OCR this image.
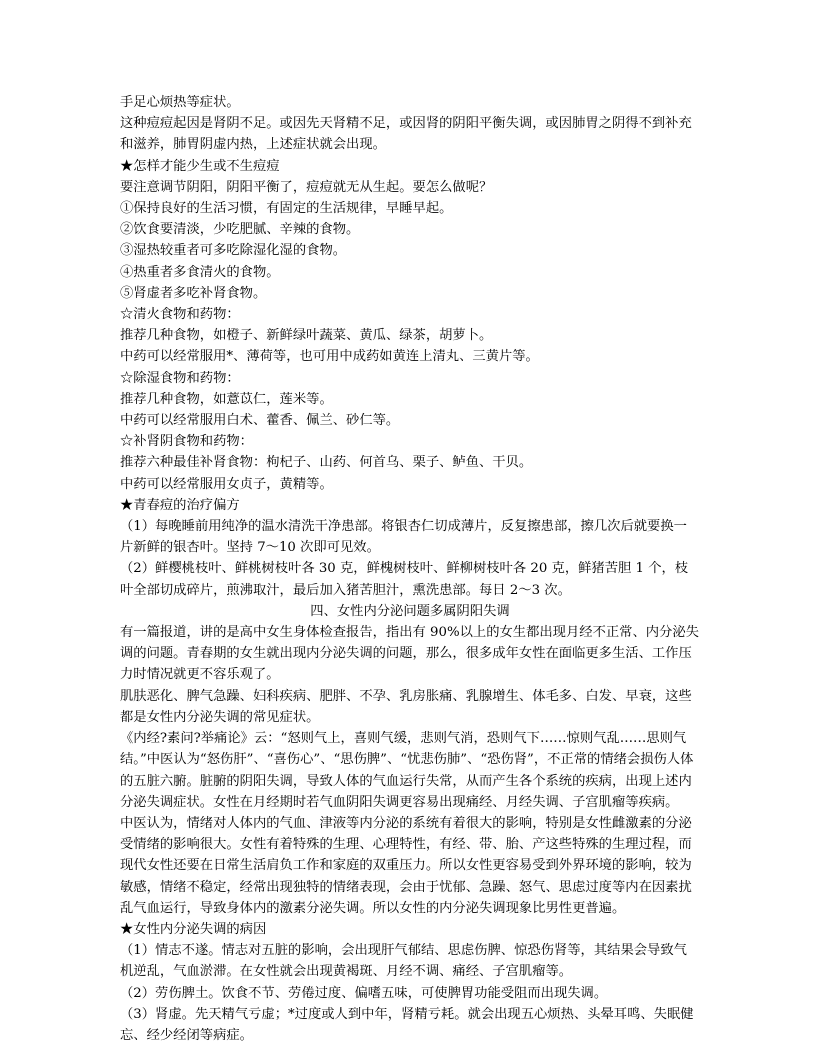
手足心烦热等症状。

这种痘痘起因是肾阴不足。或因先天肾精不足，或因肾的阴阳平衡失调，或因肺胃之阴得不到补充和滋养，肺胃阴虚内热，上述症状就会出现。

★怎样才能少生或不生痘痘

要注意调节阴阳，阴阳平衡了，痘痘就无从生起。要怎么做呢？

①保持良好的生活习惯，有固定的生活规律，早睡早起。

②饮食要清淡，少吃肥腻、辛辣的食物。

③湿热较重者可多吃除湿化湿的食物。

④热重者多食清火的食物。

⑤肾虚者多吃补肾食物。

☆清火食物和药物：

推荐几种食物，如橙子、新鲜绿叶蔬菜、黄瓜、绿茶，胡萝卜。

中药可以经常服用*、薄荷等，也可用中成药如黄连上清丸、三黄片等。

☆除湿食物和药物：

推荐几种食物，如薏苡仁，莲米等。

中药可以经常服用白术、藿香、佩兰、砂仁等。

☆补肾阴食物和药物：

推荐六种最佳补肾食物：枸杞子、山药、何首乌、栗子、鲈鱼、干贝。

中药可以经常服用女贞子，黄精等。

★青春痘的治疗偏方

（1）每晚睡前用纯净的温水清洗干净患部。将银杏仁切成薄片，反复擦患部，擦几次后就要换一片新鲜的银杏叶。坚持 7～10 次即可见效。

（2）鲜樱桃枝叶、鲜桃树枝叶各 30 克，鲜槐树枝叶、鲜柳树枝叶各 20 克，鲜猪苦胆 1 个，枝叶全部切成碎片，煎沸取汁，最后加入猪苦胆汁，熏洗患部。每日 2～3 次。

四、女性内分泌问题多属阴阳失调

有一篇报道，讲的是高中女生身体检查报告，指出有 90%以上的女生都出现月经不正常、内分泌失调的问题。青春期的女生就出现内分泌失调的问题，那么，很多成年女性在面临更多生活、工作压力时情况就更不容乐观了。

肌肤恶化、脾气急躁、妇科疾病、肥胖、不孕、乳房胀痛、乳腺增生、体毛多、白发、早衰，这些都是女性内分泌失调的常见症状。

《内经?素问?举痛论》云：“怒则气上，喜则气缓，悲则气消，恐则气下……惊则气乱……思则气结。”中医认为“怒伤肝”、“喜伤心”、“思伤脾”、“忧悲伤肺”、“恐伤肾”，不正常的情绪会损伤人体的五脏六腑。脏腑的阴阳失调，导致人体的气血运行失常，从而产生各个系统的疾病，出现上述内分泌失调症状。女性在月经期时若气血阴阳失调更容易出现痛经、月经失调、子宫肌瘤等疾病。

中医认为，情绪对人体内的气血、津液等内分泌的系统有着很大的影响，特别是女性雌激素的分泌受情绪的影响很大。女性有着特殊的生理、心理特性，有经、带、胎、产这些特殊的生理过程，而现代女性还要在日常生活肩负工作和家庭的双重压力。所以女性更容易受到外界环境的影响，较为敏感，情绪不稳定，经常出现独特的情绪表现，会由于忧郁、急躁、怒气、思虑过度等内在因素扰乱气血运行，导致身体内的激素分泌失调。所以女性的内分泌失调现象比男性更普遍。

★女性内分泌失调的病因

（1）情志不遂。情志对五脏的影响，会出现肝气郁结、思虑伤脾、惊恐伤肾等，其结果会导致气机逆乱，气血淤滞。在女性就会出现黄褐斑、月经不调、痛经、子宫肌瘤等。

（2）劳伤脾土。饮食不节、劳倦过度、偏嗜五味，可使脾胃功能受阻而出现失调。

（3）肾虚。先天精气亏虚；*过度或人到中年，肾精亏耗。就会出现五心烦热、头晕耳鸣、失眠健忘、经少经闭等病症。
